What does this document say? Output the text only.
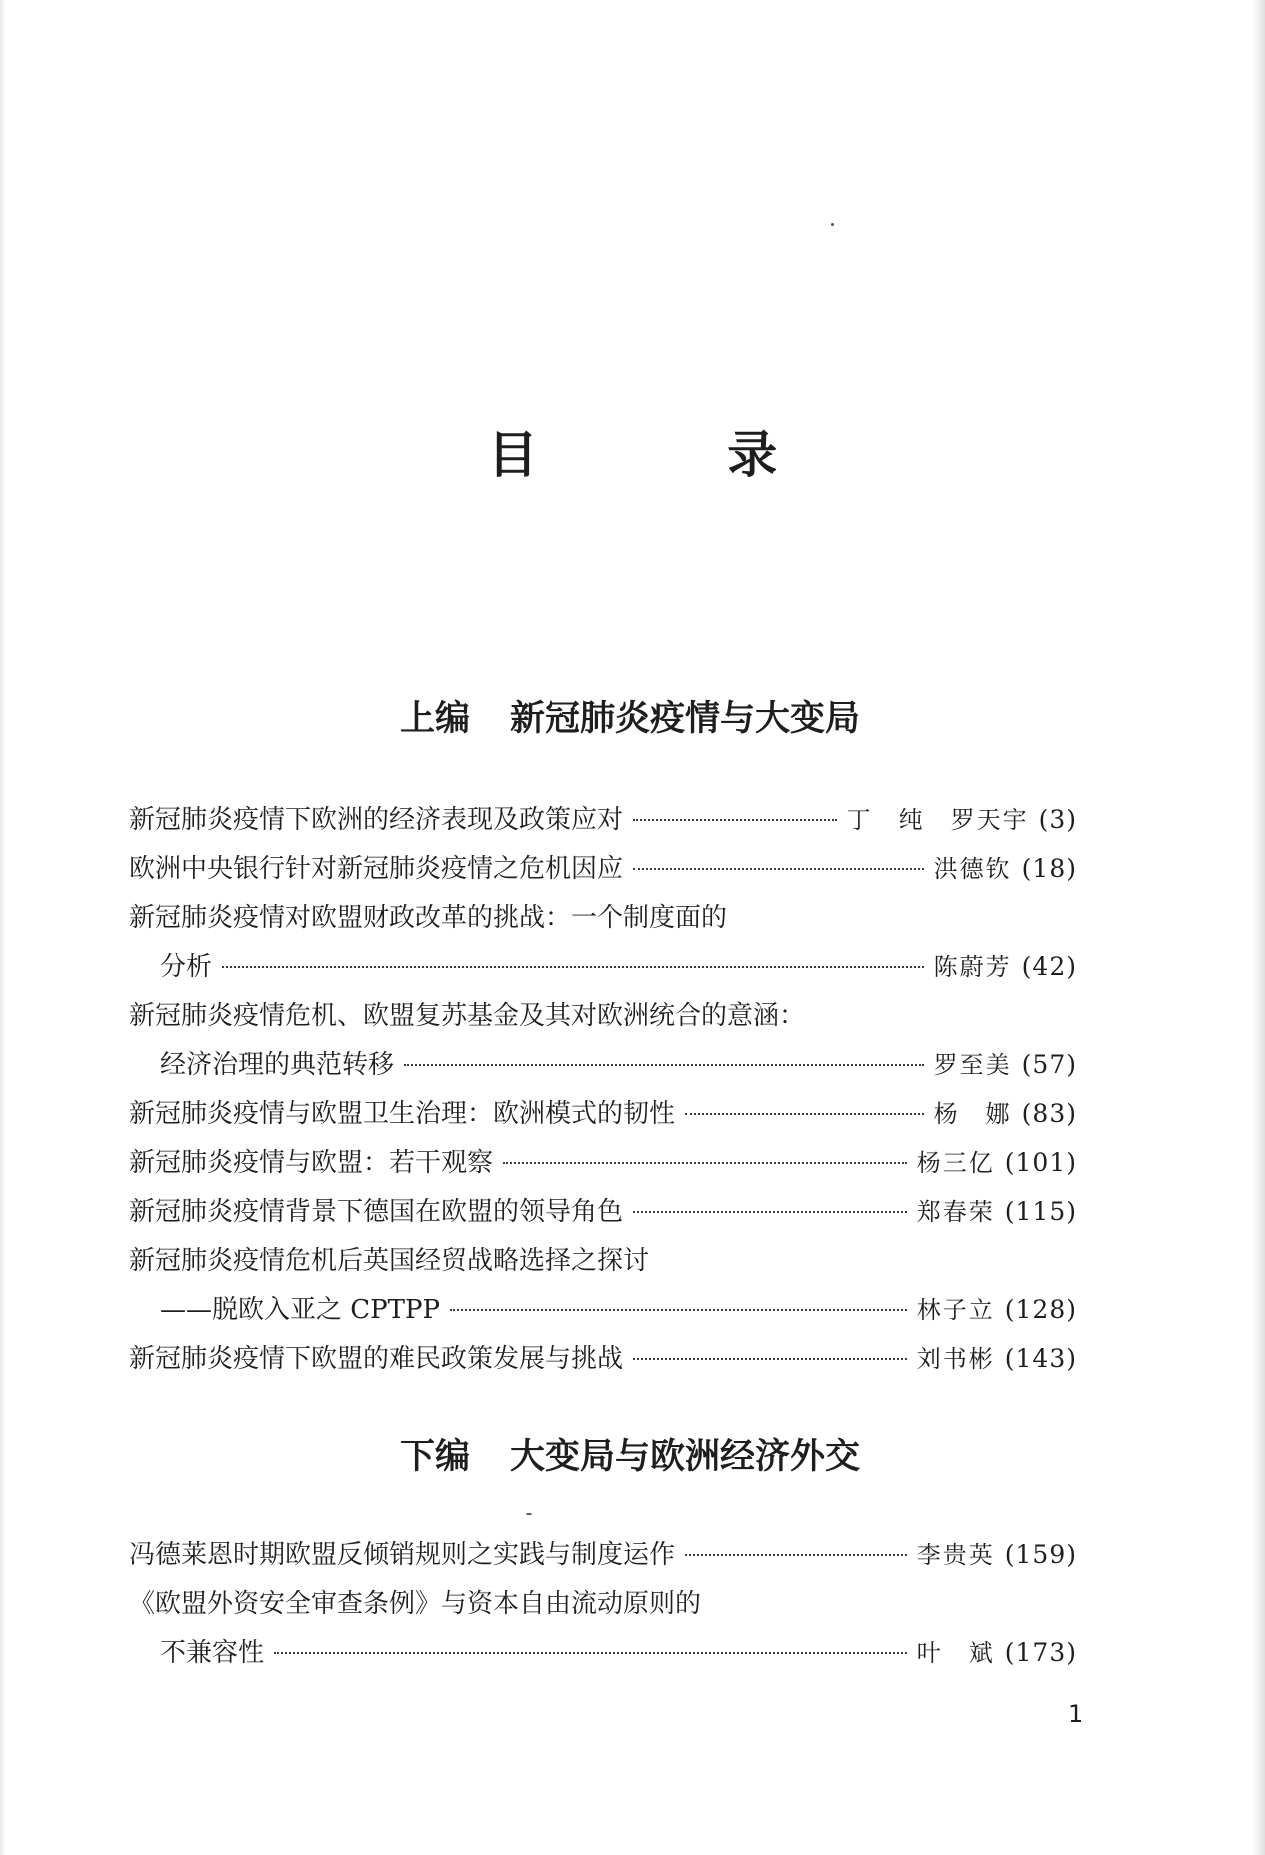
目 录
上编 新冠肺炎疫情与大变局
新冠肺炎疫情下欧洲的经济表现及政策应对	丁　纯　罗天宇 (3)
欧洲中央银行针对新冠肺炎疫情之危机因应	洪德钦 (18)
新冠肺炎疫情对欧盟财政改革的挑战：一个制度面的
分析	陈蔚芳 (42)
新冠肺炎疫情危机、欧盟复苏基金及其对欧洲统合的意涵：
经济治理的典范转移	罗至美 (57)
新冠肺炎疫情与欧盟卫生治理：欧洲模式的韧性	杨　娜 (83)
新冠肺炎疫情与欧盟：若干观察	杨三亿 (101)
新冠肺炎疫情背景下德国在欧盟的领导角色	郑春荣 (115)
新冠肺炎疫情危机后英国经贸战略选择之探讨
——脱欧入亚之 CPTPP	林子立 (128)
新冠肺炎疫情下欧盟的难民政策发展与挑战	刘书彬 (143)
下编 大变局与欧洲经济外交
冯德莱恩时期欧盟反倾销规则之实践与制度运作	李贵英 (159)
《欧盟外资安全审查条例》与资本自由流动原则的
不兼容性	叶　斌 (173)
1
